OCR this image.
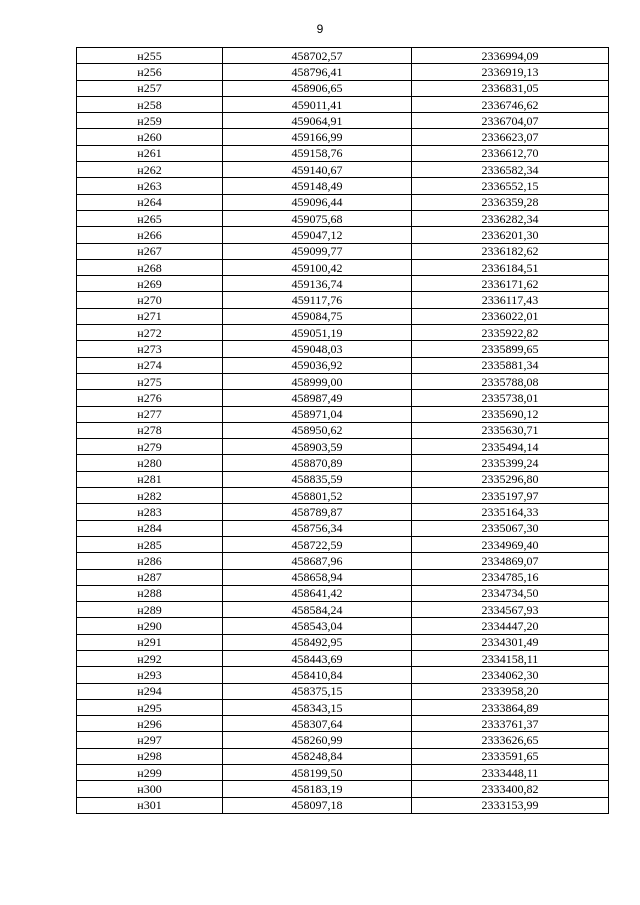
9
н255	458702,57	2336994,09
н256	458796,41	2336919,13
н257	458906,65	2336831,05
н258	459011,41	2336746,62
н259	459064,91	2336704,07
н260	459166,99	2336623,07
н261	459158,76	2336612,70
н262	459140,67	2336582,34
н263	459148,49	2336552,15
н264	459096,44	2336359,28
н265	459075,68	2336282,34
н266	459047,12	2336201,30
н267	459099,77	2336182,62
н268	459100,42	2336184,51
н269	459136,74	2336171,62
н270	459117,76	2336117,43
н271	459084,75	2336022,01
н272	459051,19	2335922,82
н273	459048,03	2335899,65
н274	459036,92	2335881,34
н275	458999,00	2335788,08
н276	458987,49	2335738,01
н277	458971,04	2335690,12
н278	458950,62	2335630,71
н279	458903,59	2335494,14
н280	458870,89	2335399,24
н281	458835,59	2335296,80
н282	458801,52	2335197,97
н283	458789,87	2335164,33
н284	458756,34	2335067,30
н285	458722,59	2334969,40
н286	458687,96	2334869,07
н287	458658,94	2334785,16
н288	458641,42	2334734,50
н289	458584,24	2334567,93
н290	458543,04	2334447,20
н291	458492,95	2334301,49
н292	458443,69	2334158,11
н293	458410,84	2334062,30
н294	458375,15	2333958,20
н295	458343,15	2333864,89
н296	458307,64	2333761,37
н297	458260,99	2333626,65
н298	458248,84	2333591,65
н299	458199,50	2333448,11
н300	458183,19	2333400,82
н301	458097,18	2333153,99
